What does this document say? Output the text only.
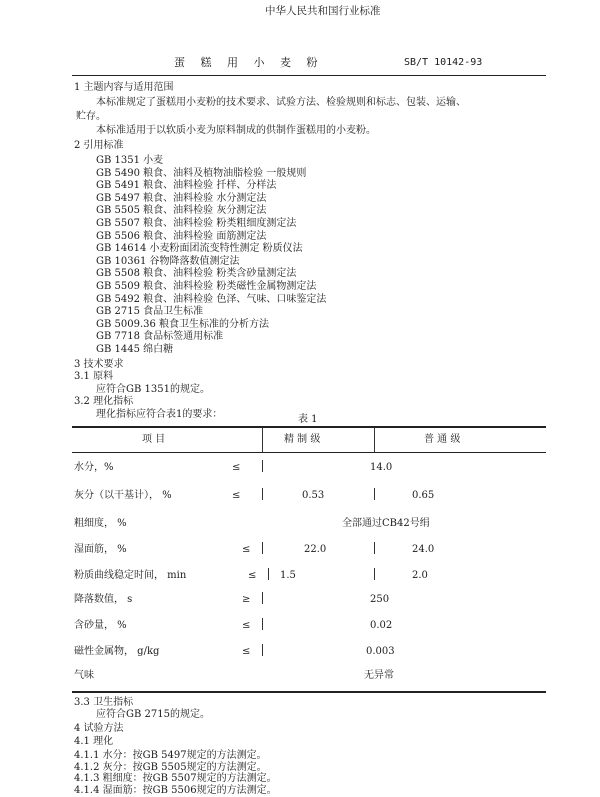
中华人民共和国行业标准
蛋 糕 用 小 麦 粉	SB/T 10142-93
1 主题内容与适用范围
本标准规定了蛋糕用小麦粉的技术要求、试验方法、检验规则和标志、包装、运输、
贮存。
本标准适用于以软质小麦为原料制成的供制作蛋糕用的小麦粉。
2 引用标准
GB 1351 小麦
GB 5490 粮食、油料及植物油脂检验 一般规则
GB 5491 粮食、油料检验 扦样、分样法
GB 5497 粮食、油料检验 水分测定法
GB 5505 粮食、油料检验 灰分测定法
GB 5507 粮食、油料检验 粉类粗细度测定法
GB 5506 粮食、油料检验 面筋测定法
GB 14614 小麦粉面团流变特性测定 粉质仪法
GB 10361 谷物降落数值测定法
GB 5508 粮食、油料检验 粉类含砂量测定法
GB 5509 粮食、油料检验 粉类磁性金属物测定法
GB 5492 粮食、油料检验 色泽、气味、口味鉴定法
GB 2715 食品卫生标准
GB 5009.36 粮食卫生标准的分析方法
GB 7718 食品标签通用标准
GB 1445 绵白糖
3 技术要求
3.1 原料
应符合GB 1351的规定。
3.2 理化指标
理化指标应符合表1的要求：	表 1
项 目	精 制 级	普 通 级
水分，%	≤	14.0
灰分（以干基计）， %	≤	0.53	0.65
粗细度， %	全部通过CB42号绢
湿面筋， %	≤	22.0	24.0
粉质曲线稳定时间， min	≤ 1.5	2.0
降落数值， s	≥	250
含砂量， %	≤	0.02
磁性金属物， g/kg	≤	0.003
气味	无异常
3.3 卫生指标
应符合GB 2715的规定。
4 试验方法
4.1 理化
4.1.1 水分：按GB 5497规定的方法测定。
4.1.2 灰分：按GB 5505规定的方法测定。
4.1.3 粗细度：按GB 5507规定的方法测定。
4.1.4 湿面筋：按GB 5506规定的方法测定。
